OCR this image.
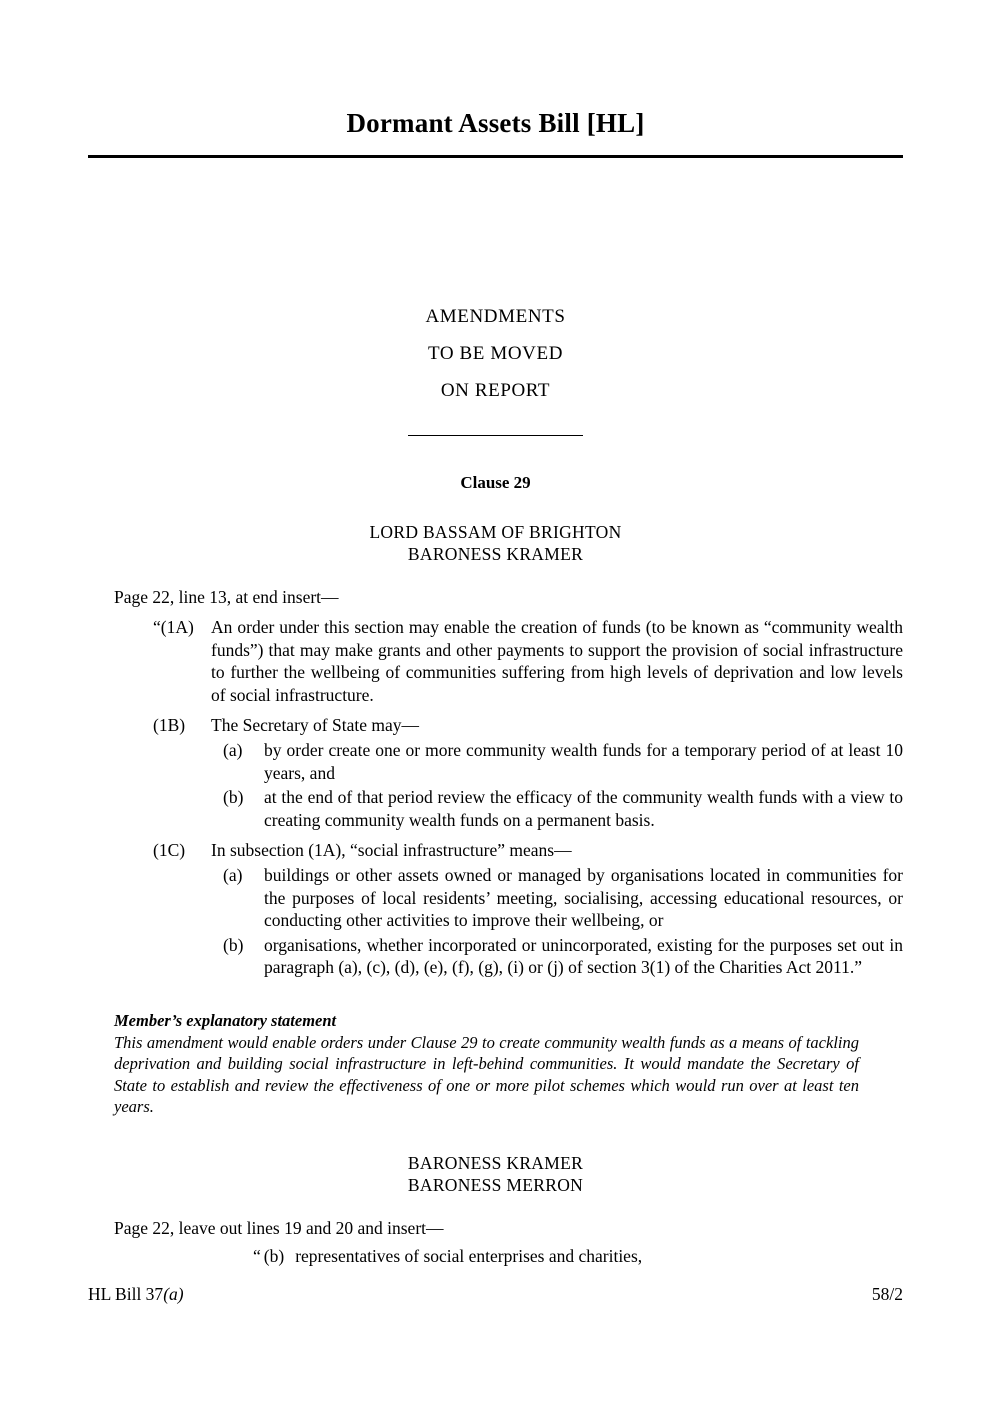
Dormant Assets Bill [HL]
AMENDMENTS
TO BE MOVED
ON REPORT
Clause 29
LORD BASSAM OF BRIGHTON
BARONESS KRAMER
Page 22, line 13, at end insert—
“(1A) An order under this section may enable the creation of funds (to be known as “community wealth funds”) that may make grants and other payments to support the provision of social infrastructure to further the wellbeing of communities suffering from high levels of deprivation and low levels of social infrastructure.
(1B)	The Secretary of State may—
(a)	by order create one or more community wealth funds for a temporary period of at least 10 years, and
(b)	at the end of that period review the efficacy of the community wealth funds with a view to creating community wealth funds on a permanent basis.
(1C)	In subsection (1A), “social infrastructure” means—
(a)	buildings or other assets owned or managed by organisations located in communities for the purposes of local residents’ meeting, socialising, accessing educational resources, or conducting other activities to improve their wellbeing, or
(b)	organisations, whether incorporated or unincorporated, existing for the purposes set out in paragraph (a), (c), (d), (e), (f), (g), (i) or (j) of section 3(1) of the Charities Act 2011.”
Member’s explanatory statement
This amendment would enable orders under Clause 29 to create community wealth funds as a means of tackling deprivation and building social infrastructure in left-behind communities. It would mandate the Secretary of State to establish and review the effectiveness of one or more pilot schemes which would run over at least ten years.
BARONESS KRAMER
BARONESS MERRON
Page 22, leave out lines 19 and 20 and insert—
“ (b) representatives of social enterprises and charities,
HL Bill 37(a)	58/2
